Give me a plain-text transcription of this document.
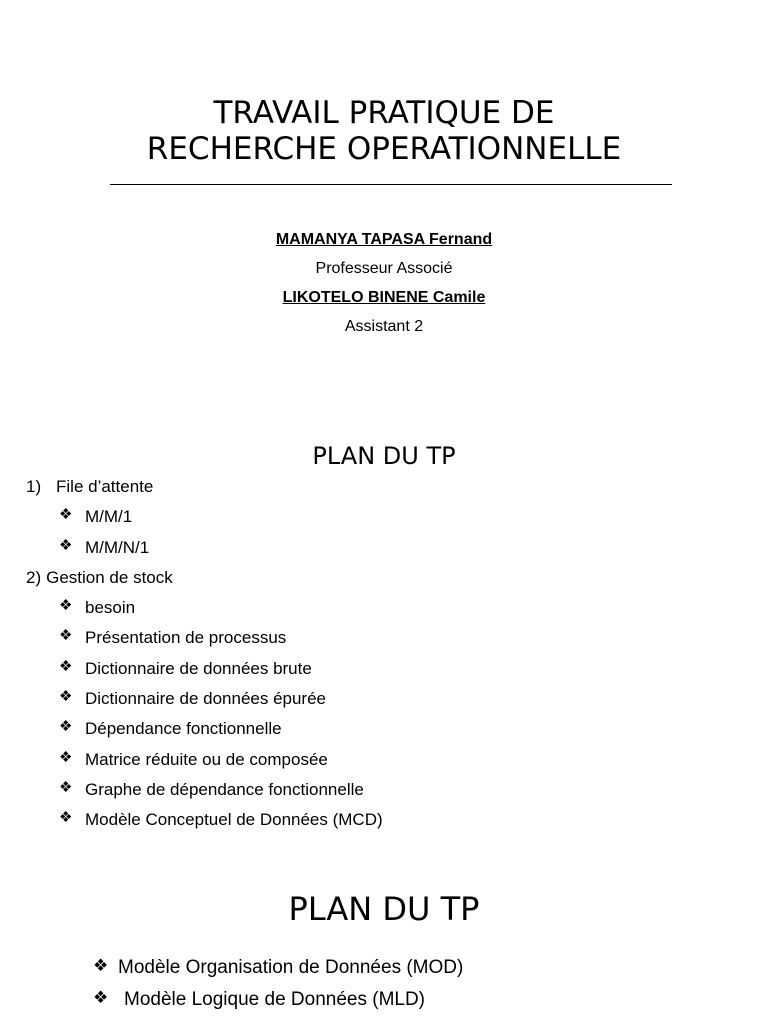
TRAVAIL PRATIQUE DE
RECHERCHE OPERATIONNELLE
MAMANYA TAPASA Fernand
Professeur Associé
LIKOTELO BINENE Camile
Assistant 2
PLAN DU TP
1) File d’attente
❖ M/M/1
❖ M/M/N/1
2) Gestion de stock
❖ besoin
❖ Présentation de processus
❖ Dictionnaire de données brute
❖ Dictionnaire de données épurée
❖ Dépendance fonctionnelle
❖ Matrice réduite ou de composée
❖ Graphe de dépendance fonctionnelle
❖ Modèle Conceptuel de Données (MCD)
PLAN DU TP
❖ Modèle Organisation de Données (MOD)
❖ Modèle Logique de Données (MLD)
